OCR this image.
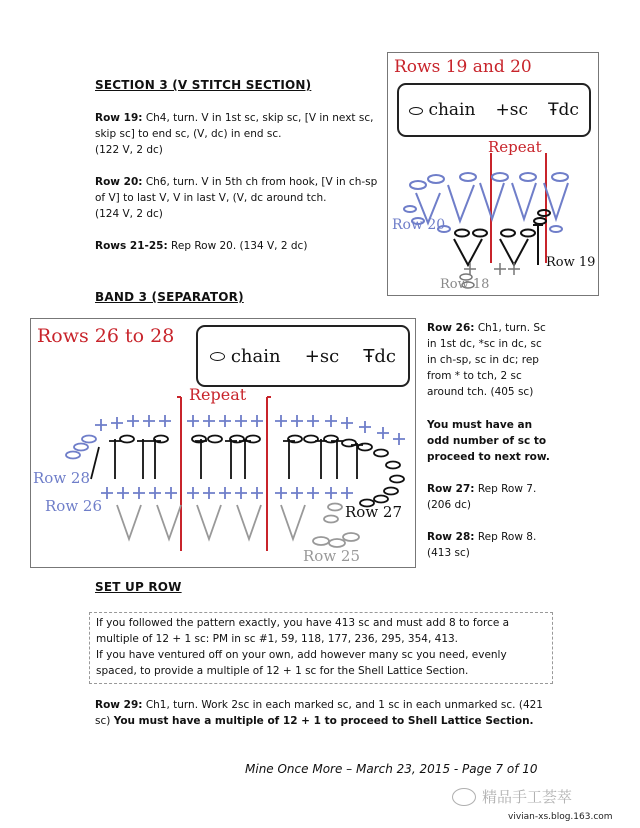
SECTION 3 (V STITCH SECTION)
Row 19: Ch4, turn. V in 1st sc, skip sc, [V in next sc, skip sc] to end sc, (V, dc) in end sc.
(122 V, 2 dc)
Row 20: Ch6, turn. V in 5th ch from hook, [V in ch-sp of V] to last V, V in last V, (V, dc around tch.
(124 V, 2 dc)
Rows 21-25: Rep Row 20. (134 V, 2 dc)
Rows 19 and 20
chain +sc Ŧdc
Repeat
Row 20
Row 19
Row 18
BAND 3 (SEPARATOR)
Rows 26 to 28
chain +sc Ŧdc
Repeat
Row 28
Row 26	Row 27
Row 25
Row 26: Ch1, turn. Sc in 1st dc, *sc in dc, sc in ch-sp, sc in dc; rep from * to tch, 2 sc around tch. (405 sc)
You must have an odd number of sc to proceed to next row.
Row 27: Rep Row 7.
(206 dc)
Row 28: Rep Row 8.
(413 sc)
SET UP ROW
If you followed the pattern exactly, you have 413 sc and must add 8 to force a multiple of 12 + 1 sc: PM in sc #1, 59, 118, 177, 236, 295, 354, 413.
If you have ventured off on your own, add however many sc you need, evenly spaced, to provide a multiple of 12 + 1 sc for the Shell Lattice Section.
Row 29: Ch1, turn. Work 2sc in each marked sc, and 1 sc in each unmarked sc. (421 sc) You must have a multiple of 12 + 1 to proceed to Shell Lattice Section.
Mine Once More – March 23, 2015 - Page 7 of 10
精品手工荟萃
vivian-xs.blog.163.com
